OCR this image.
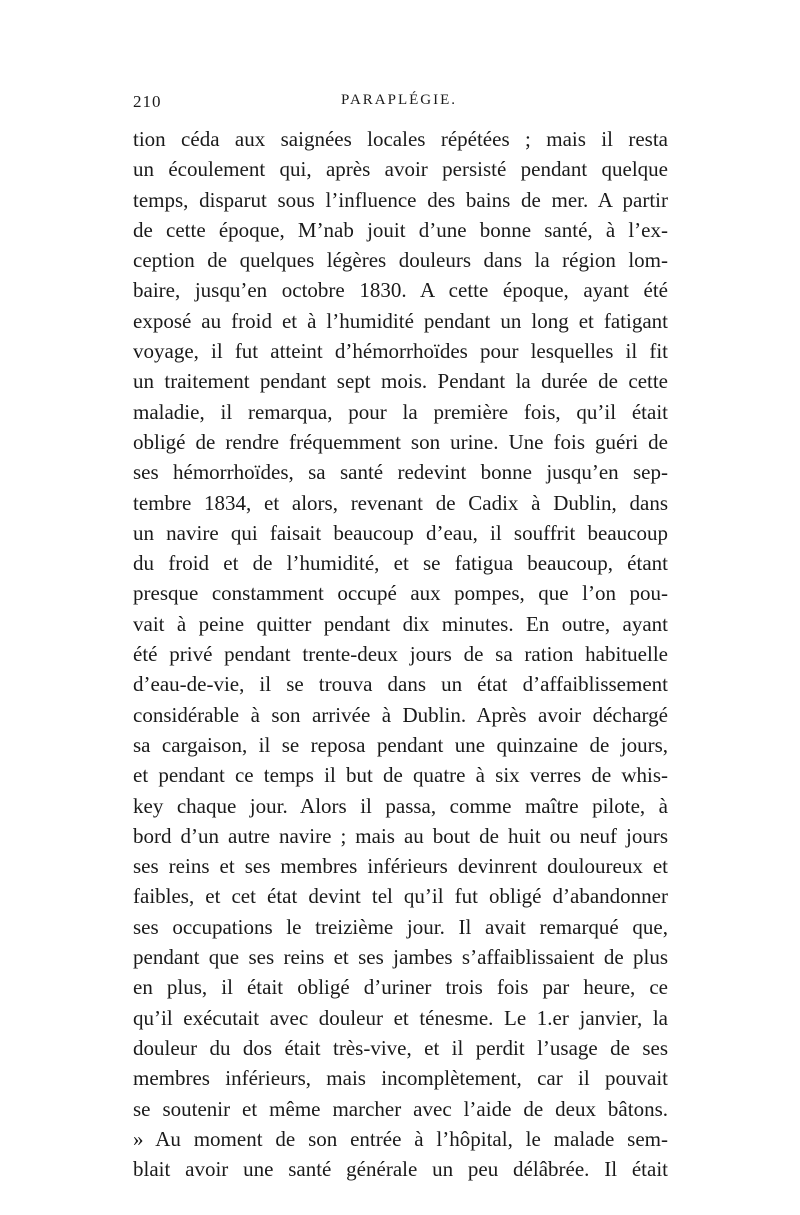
210	PARAPLÉGIE.
tion céda aux saignées locales répétées ; mais il resta
un écoulement qui, après avoir persisté pendant quelque
temps, disparut sous l’influence des bains de mer. A partir
de cette époque, M’nab jouit d’une bonne santé, à l’ex-
ception de quelques légères douleurs dans la région lom-
baire, jusqu’en octobre 1830. A cette époque, ayant été
exposé au froid et à l’humidité pendant un long et fatigant
voyage, il fut atteint d’hémorrhoïdes pour lesquelles il fit
un traitement pendant sept mois. Pendant la durée de cette
maladie, il remarqua, pour la première fois, qu’il était
obligé de rendre fréquemment son urine. Une fois guéri de
ses hémorrhoïdes, sa santé redevint bonne jusqu’en sep-
tembre 1834, et alors, revenant de Cadix à Dublin, dans
un navire qui faisait beaucoup d’eau, il souffrit beaucoup
du froid et de l’humidité, et se fatigua beaucoup, étant
presque constamment occupé aux pompes, que l’on pou-
vait à peine quitter pendant dix minutes. En outre, ayant
été privé pendant trente-deux jours de sa ration habituelle
d’eau-de-vie, il se trouva dans un état d’affaiblissement
considérable à son arrivée à Dublin. Après avoir déchargé
sa cargaison, il se reposa pendant une quinzaine de jours,
et pendant ce temps il but de quatre à six verres de whis-
key chaque jour. Alors il passa, comme maître pilote, à
bord d’un autre navire ; mais au bout de huit ou neuf jours
ses reins et ses membres inférieurs devinrent douloureux et
faibles, et cet état devint tel qu’il fut obligé d’abandonner
ses occupations le treizième jour. Il avait remarqué que,
pendant que ses reins et ses jambes s’affaiblissaient de plus
en plus, il était obligé d’uriner trois fois par heure, ce
qu’il exécutait avec douleur et ténesme. Le 1.er janvier, la
douleur du dos était très-vive, et il perdit l’usage de ses
membres inférieurs, mais incomplètement, car il pouvait
se soutenir et même marcher avec l’aide de deux bâtons.
» Au moment de son entrée à l’hôpital, le malade sem-
blait avoir une santé générale un peu délâbrée. Il était
